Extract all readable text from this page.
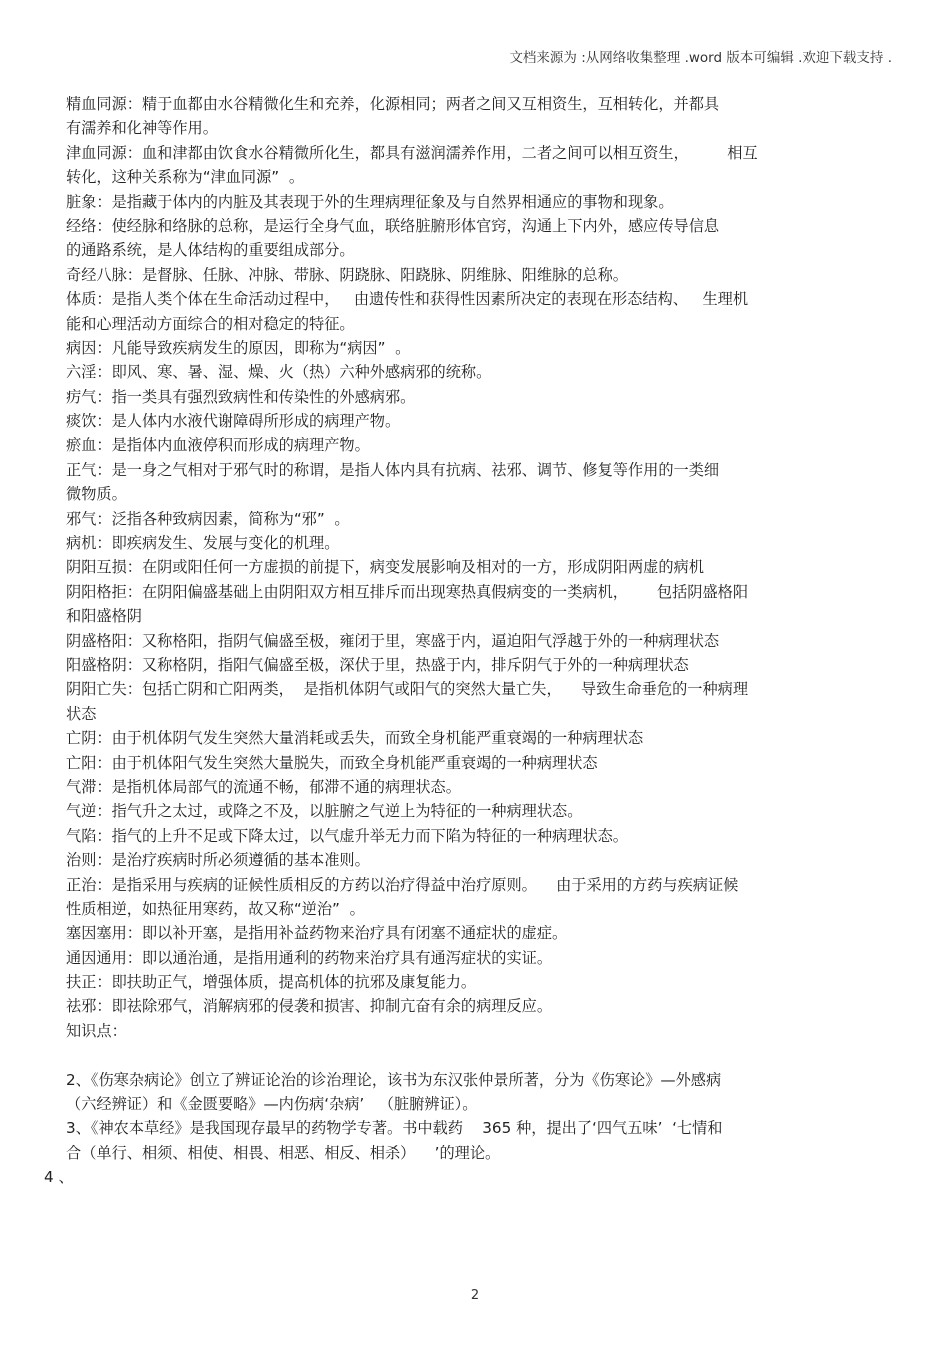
文档来源为 :从网络收集整理 .word 版本可编辑 .欢迎下载支持 .
精血同源：精于血都由水谷精微化生和充养，化源相同；两者之间又互相资生，互相转化，并都具
有濡养和化神等作用。
津血同源：血和津都由饮食水谷精微所化生，都具有滋润濡养作用，二者之间可以相互资生，        相互
转化，这种关系称为“津血同源”  。
脏象：是指藏于体内的内脏及其表现于外的生理病理征象及与自然界相通应的事物和现象。
经络：使经脉和络脉的总称，是运行全身气血，联络脏腑形体官窍，沟通上下内外，感应传导信息
的通路系统，是人体结构的重要组成部分。
奇经八脉：是督脉、任脉、冲脉、带脉、阴跷脉、阳跷脉、阴维脉、阳维脉的总称。
体质：是指人类个体在生命活动过程中，   由遗传性和获得性因素所决定的表现在形态结构、   生理机
能和心理活动方面综合的相对稳定的特征。
病因：凡能导致疾病发生的原因，即称为“病因”  。
六淫：即风、寒、暑、湿、燥、火（热）六种外感病邪的统称。
疠气：指一类具有强烈致病性和传染性的外感病邪。
痰饮：是人体内水液代谢障碍所形成的病理产物。
瘀血：是指体内血液停积而形成的病理产物。
正气：是一身之气相对于邪气时的称谓，是指人体内具有抗病、祛邪、调节、修复等作用的一类细
微物质。
邪气：泛指各种致病因素，简称为“邪”  。
病机：即疾病发生、发展与变化的机理。
阴阳互损：在阴或阳任何一方虚损的前提下，病变发展影响及相对的一方，形成阴阳两虚的病机
阴阳格拒：在阴阳偏盛基础上由阴阳双方相互排斥而出现寒热真假病变的一类病机，      包括阴盛格阳
和阳盛格阴
阴盛格阳：又称格阳，指阴气偏盛至极，雍闭于里，寒盛于内，逼迫阳气浮越于外的一种病理状态
阳盛格阴：又称格阴，指阳气偏盛至极，深伏于里，热盛于内，排斥阴气于外的一种病理状态
阴阳亡失：包括亡阴和亡阳两类，  是指机体阴气或阳气的突然大量亡失，    导致生命垂危的一种病理
状态
亡阴：由于机体阴气发生突然大量消耗或丢失，而致全身机能严重衰竭的一种病理状态
亡阳：由于机体阳气发生突然大量脱失，而致全身机能严重衰竭的一种病理状态
气滞：是指机体局部气的流通不畅，郁滞不通的病理状态。
气逆：指气升之太过，或降之不及，以脏腑之气逆上为特征的一种病理状态。
气陷：指气的上升不足或下降太过，以气虚升举无力而下陷为特征的一种病理状态。
治则：是治疗疾病时所必须遵循的基本准则。
正治：是指采用与疾病的证候性质相反的方药以治疗得益中治疗原则。    由于采用的方药与疾病证候
性质相逆，如热征用寒药，故又称“逆治”  。
塞因塞用：即以补开塞，是指用补益药物来治疗具有闭塞不通症状的虚症。
通因通用：即以通治通，是指用通利的药物来治疗具有通泻症状的实证。
扶正：即扶助正气，增强体质，提高机体的抗邪及康复能力。
祛邪：即祛除邪气，消解病邪的侵袭和损害、抑制亢奋有余的病理反应。
知识点：

2、《伤寒杂病论》创立了辨证论治的诊治理论，该书为东汉张仲景所著，分为《伤寒论》—外感病
（六经辨证）和《金匮要略》—内伤病‘杂病’   （脏腑辨证）。
3、《神农本草经》是我国现存最早的药物学专著。书中载药    365 种，提出了‘四气五味’  ‘七情和
合（单行、相须、相使、相畏、相恶、相反、相杀）    ’的理论。
4 、
2
